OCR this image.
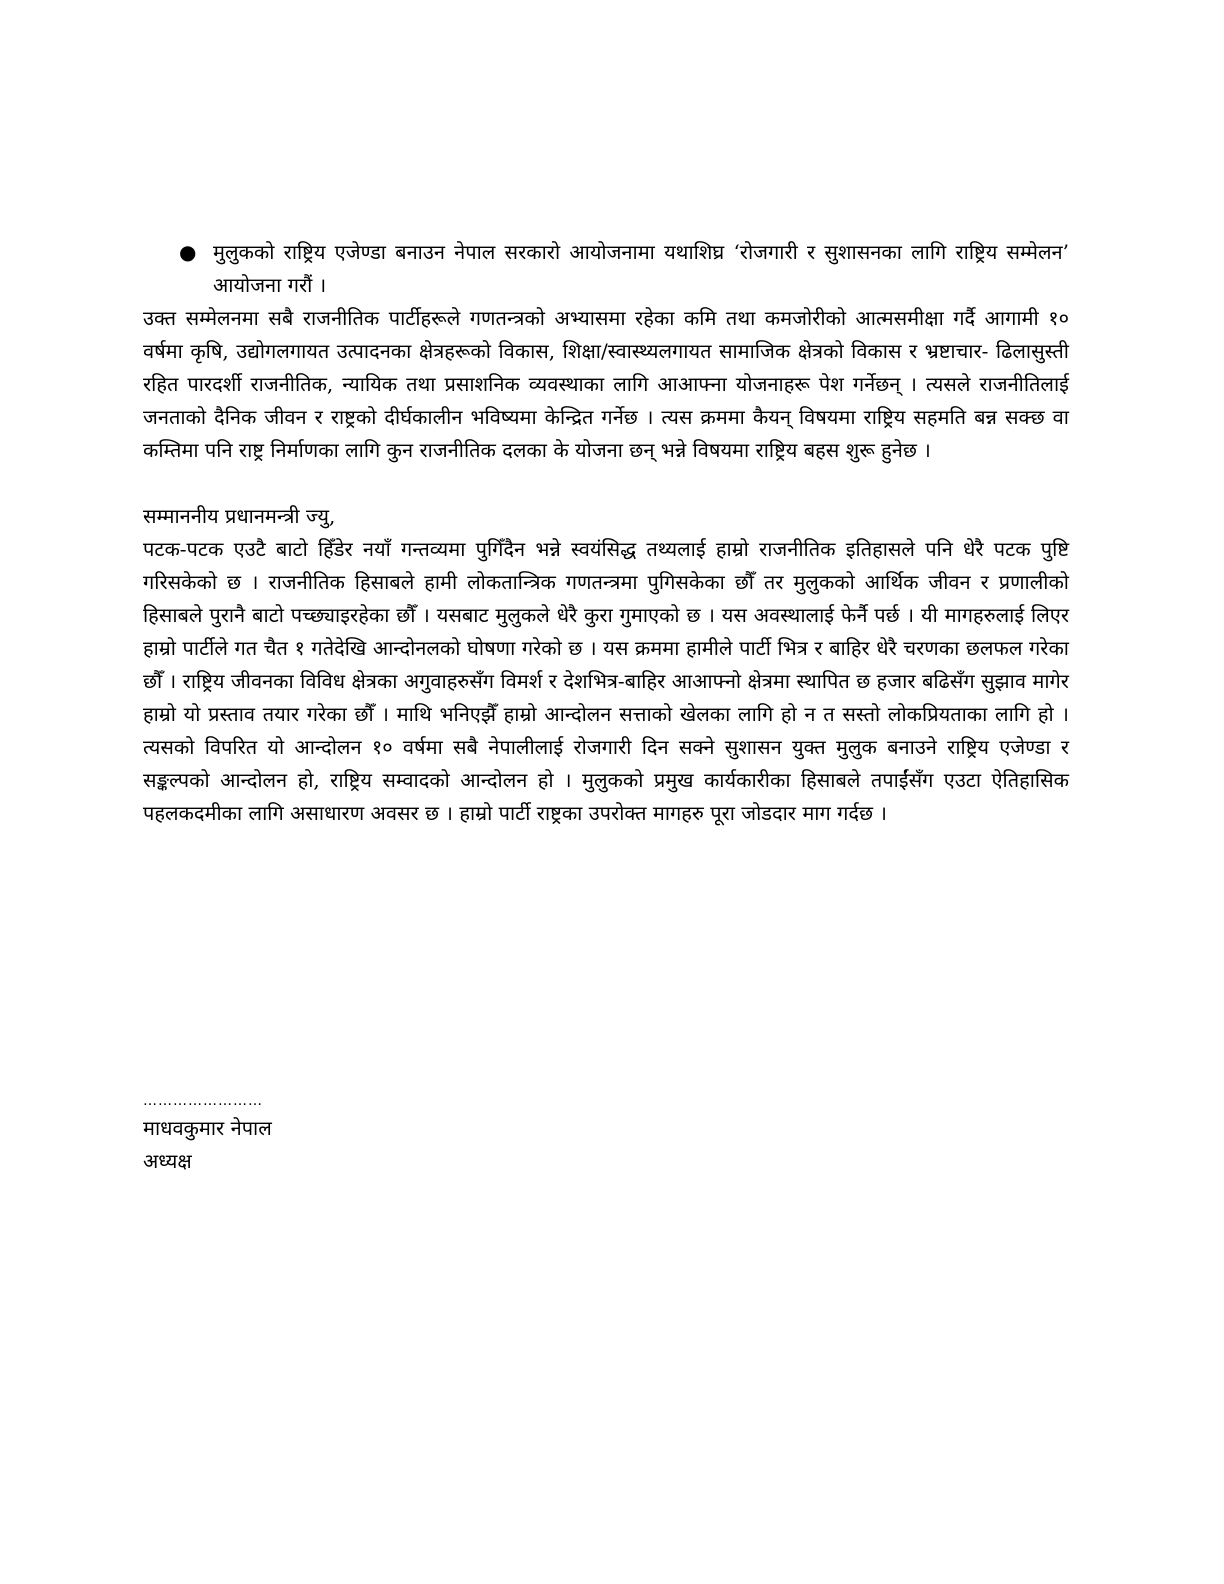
● मुलुकको राष्ट्रिय एजेण्डा बनाउन नेपाल सरकारो आयोजनामा यथाशिघ्र ‘रोजगारी र सुशासनका लागि राष्ट्रिय सम्मेलन’ आयोजना गरौं ।

उक्त सम्मेलनमा सबै राजनीतिक पार्टीहरूले गणतन्त्रको अभ्यासमा रहेका कमि तथा कमजोरीको आत्मसमीक्षा गर्दै आगामी १० वर्षमा कृषि, उद्योगलगायत उत्पादनका क्षेत्रहरूको विकास, शिक्षा/स्वास्थ्यलगायत सामाजिक क्षेत्रको विकास र भ्रष्टाचार- ढिलासुस्ती रहित पारदर्शी राजनीतिक, न्यायिक तथा प्रसाशनिक व्यवस्थाका लागि आआफ्ना योजनाहरू पेश गर्नेछन् । त्यसले राजनीतिलाई जनताको दैनिक जीवन र राष्ट्रको दीर्घकालीन भविष्यमा केन्द्रित गर्नेछ । त्यस क्रममा कैयन् विषयमा राष्ट्रिय सहमति बन्न सक्छ वा कम्तिमा पनि राष्ट्र निर्माणका लागि कुन राजनीतिक दलका के योजना छन् भन्ने विषयमा राष्ट्रिय बहस शुरू हुनेछ ।

सम्माननीय प्रधानमन्त्री ज्यु,

पटक-पटक एउटै बाटो हिँडेर नयाँ गन्तव्यमा पुगिँदैन भन्ने स्वयंसिद्ध तथ्यलाई हाम्रो राजनीतिक इतिहासले पनि धेरै पटक पुष्टि गरिसकेको छ । राजनीतिक हिसाबले हामी लोकतान्त्रिक गणतन्त्रमा पुगिसकेका छौँ तर मुलुकको आर्थिक जीवन र प्रणालीको हिसाबले पुरानै बाटो पच्छ्याइरहेका छौँ । यसबाट मुलुकले धेरै कुरा गुमाएको छ । यस अवस्थालाई फेर्नै पर्छ । यी मागहरुलाई लिएर हाम्रो पार्टीले गत चैत १ गतेदेखि आन्दोनलको घोषणा गरेको छ । यस क्रममा हामीले पार्टी भित्र र बाहिर धेरै चरणका छलफल गरेका छौँ । राष्ट्रिय जीवनका विविध क्षेत्रका अगुवाहरुसँग विमर्श र देशभित्र-बाहिर आआफ्नो क्षेत्रमा स्थापित छ हजार बढिसँग सुझाव मागेर हाम्रो यो प्रस्ताव तयार गरेका छौँ । माथि भनिएझैँ हाम्रो आन्दोलन सत्ताको खेलका लागि हो न त सस्तो लोकप्रियताका लागि हो । त्यसको विपरित यो आन्दोलन १० वर्षमा सबै नेपालीलाई रोजगारी दिन सक्ने सुशासन युक्त मुलुक बनाउने राष्ट्रिय एजेण्डा र सङ्कल्पको आन्दोलन हो, राष्ट्रिय सम्वादको आन्दोलन हो । मुलुकको प्रमुख कार्यकारीका हिसाबले तपाईंसँग एउटा ऐतिहासिक पहलकदमीका लागि असाधारण अवसर छ । हाम्रो पार्टी राष्ट्रका उपरोक्त मागहरु पूरा जोडदार माग गर्दछ ।

……………………
माधवकुमार नेपाल
अध्यक्ष
